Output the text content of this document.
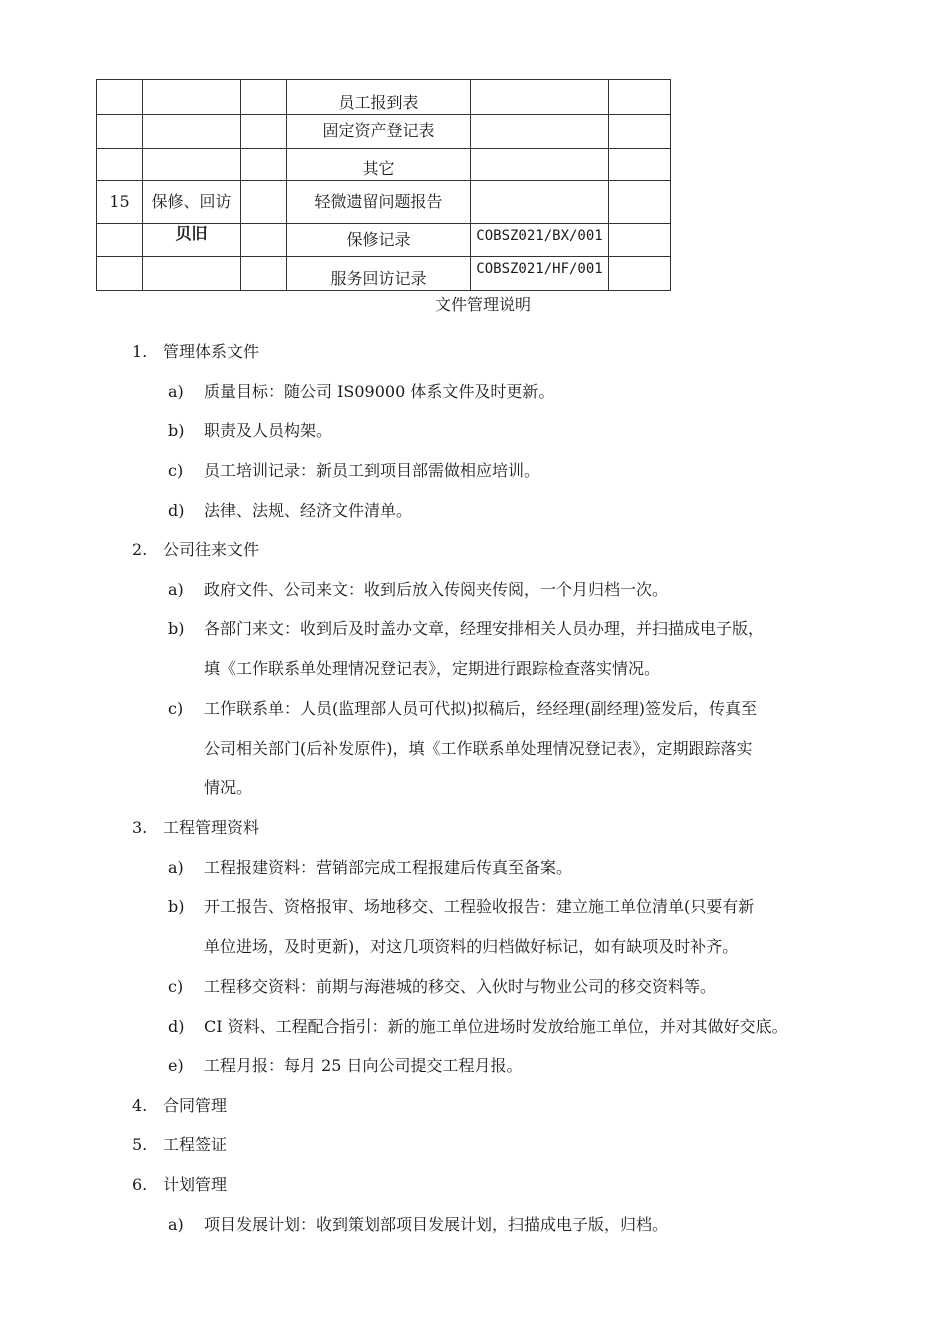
			员工报到表		
			固定资产登记表		
			其它		
15	保修、回访		轻微遗留问题报告		
	贝旧		保修记录	COBSZ021/BX/001	
			服务回访记录	COBSZ021/HF/001	
文件管理说明
1. 管理体系文件
a) 质量目标：随公司 IS09000 体系文件及时更新。
b) 职责及人员构架。
c) 员工培训记录：新员工到项目部需做相应培训。
d) 法律、法规、经济文件清单。
2. 公司往来文件
a) 政府文件、公司来文：收到后放入传阅夹传阅，一个月归档一次。
b) 各部门来文：收到后及时盖办文章，经理安排相关人员办理，并扫描成电子版，
填《工作联系单处理情况登记表》，定期进行跟踪检查落实情况。
c) 工作联系单：人员(监理部人员可代拟)拟稿后，经经理(副经理)签发后，传真至
公司相关部门(后补发原件)，填《工作联系单处理情况登记表》，定期跟踪落实
情况。
3. 工程管理资料
a) 工程报建资料：营销部完成工程报建后传真至备案。
b) 开工报告、资格报审、场地移交、工程验收报告：建立施工单位清单(只要有新
单位进场，及时更新)，对这几项资料的归档做好标记，如有缺项及时补齐。
c) 工程移交资料：前期与海港城的移交、入伙时与物业公司的移交资料等。
d) CI 资料、工程配合指引：新的施工单位进场时发放给施工单位，并对其做好交底。
e) 工程月报：每月 25 日向公司提交工程月报。
4. 合同管理
5. 工程签证
6. 计划管理
a) 项目发展计划：收到策划部项目发展计划，扫描成电子版，归档。
